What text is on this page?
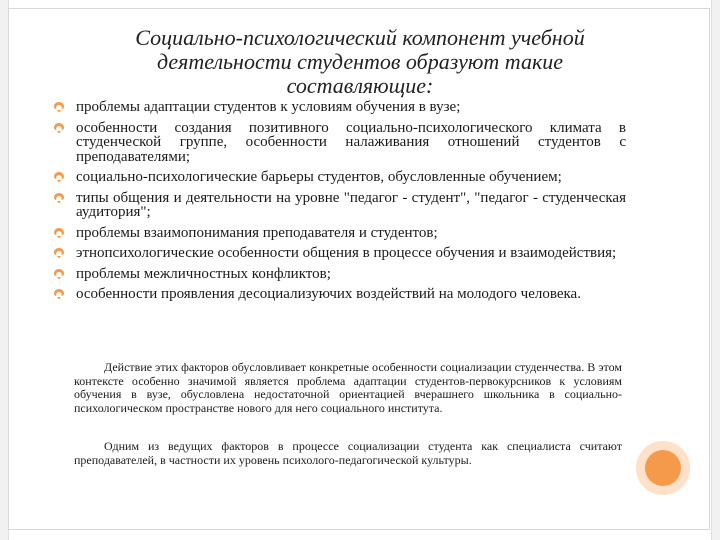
Социально-психологический компонент учебной деятельности студентов образуют такие составляющие:
проблемы адаптации студентов к условиям обучения в вузе;
особенности создания позитивного социально-психологического климата в студенческой группе, особенности налаживания отношений студентов с преподавателями;
социально-психологические барьеры студентов, обусловленные обучением;
типы общения и деятельности на уровне "педагог - студент", "педагог - студенческая аудитория";
проблемы взаимопонимания преподавателя и студентов;
этнопсихологические особенности общения в процессе обучения и взаимодействия;
проблемы межличностных конфликтов;
особенности проявления десоциализуючих воздействий на молодого человека.
Действие этих факторов обусловливает конкретные особенности социализации студенчества. В этом контексте особенно значимой является проблема адаптации студентов-первокурсников к условиям обучения в вузе, обусловлена недостаточной ориентацией вчерашнего школьника в социально-психологическом пространстве нового для него социального института.
Одним из ведущих факторов в процессе социализации студента как специалиста считают преподавателей, в частности их уровень психолого-педагогической культуры.
